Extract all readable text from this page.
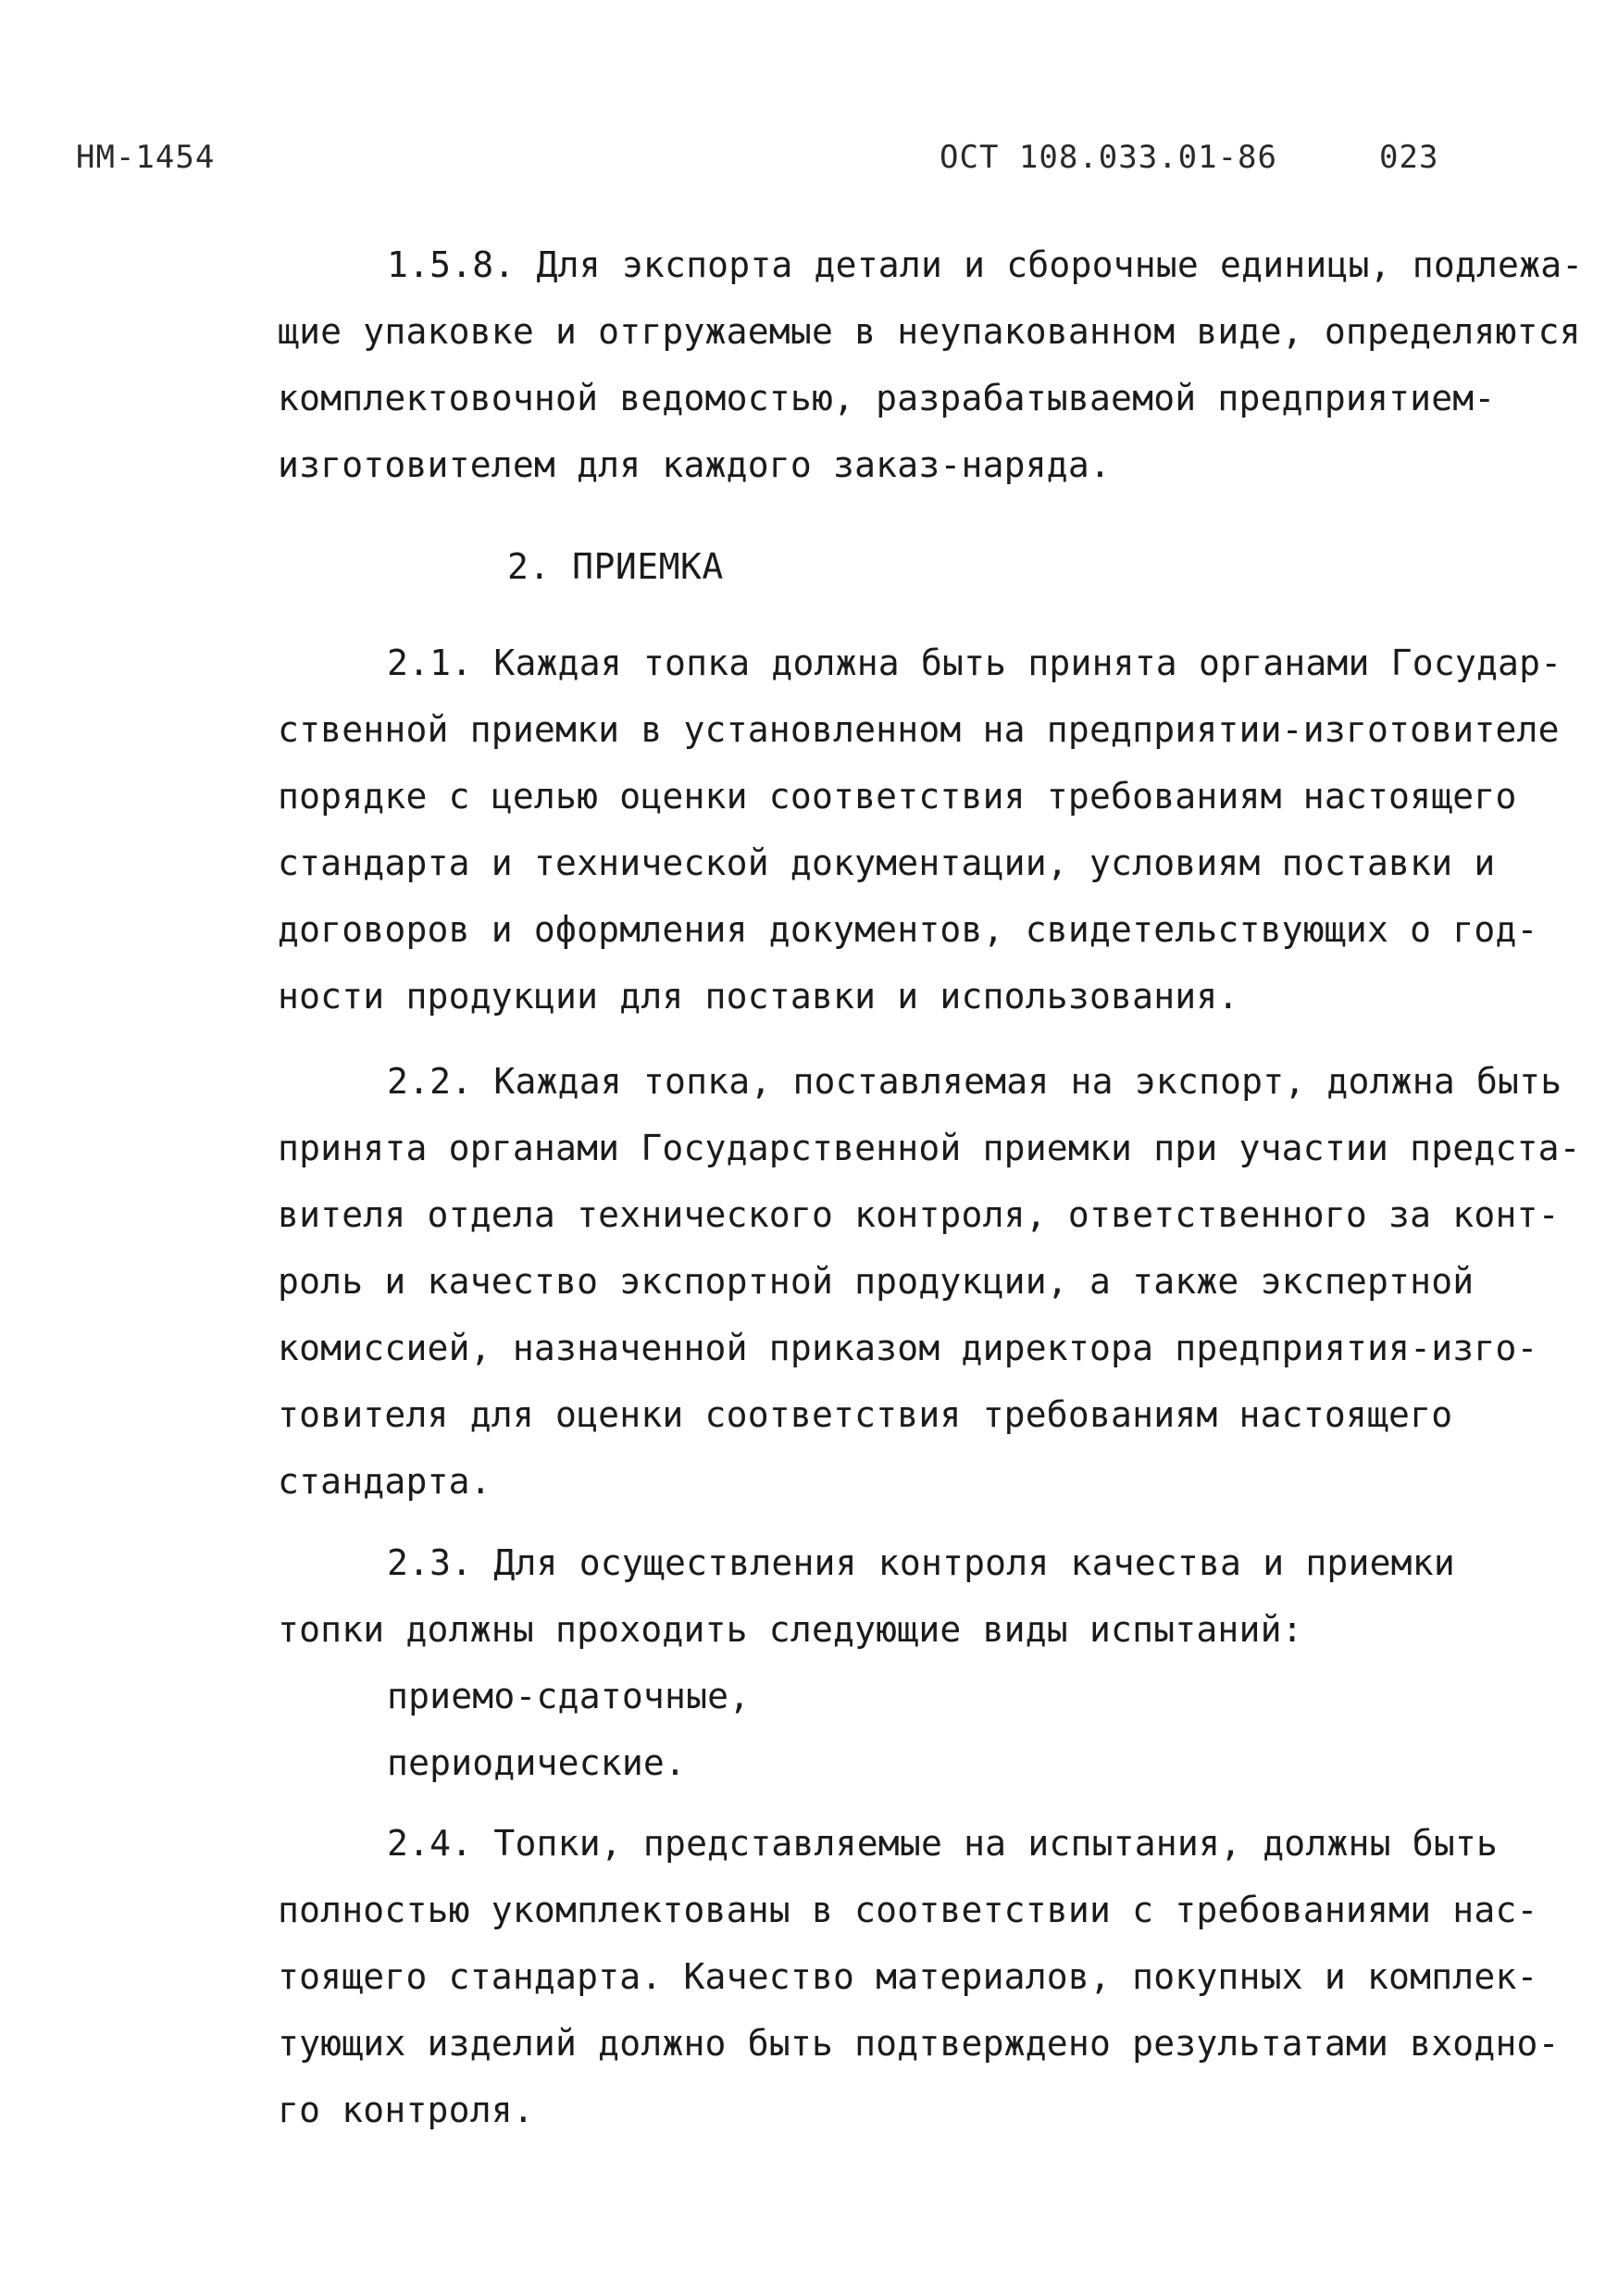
НМ-1454	ОСТ 108.033.01-86	023
1.5.8. Для экспорта детали и сборочные единицы, подлежа-
щие упаковке и отгружаемые в неупакованном виде, определяются
комплектовочной ведомостью, разрабатываемой предприятием-
изготовителем для каждого заказ-наряда.
2. ПРИЕМКА
2.1. Каждая топка должна быть принята органами Государ-
ственной приемки в установленном на предприятии-изготовителе
порядке с целью оценки соответствия требованиям настоящего
стандарта и технической документации, условиям поставки и
договоров и оформления документов, свидетельствующих о год-
ности продукции для поставки и использования.
2.2. Каждая топка, поставляемая на экспорт, должна быть
принята органами Государственной приемки при участии предста-
вителя отдела технического контроля, ответственного за конт-
роль и качество экспортной продукции, а также экспертной
комиссией, назначенной приказом директора предприятия-изго-
товителя для оценки соответствия требованиям настоящего
стандарта.
2.3. Для осуществления контроля качества и приемки
топки должны проходить следующие виды испытаний:
приемо-сдаточные,
периодические.
2.4. Топки, представляемые на испытания, должны быть
полностью укомплектованы в соответствии с требованиями нас-
тоящего стандарта. Качество материалов, покупных и комплек-
тующих изделий должно быть подтверждено результатами входно-
го контроля.
